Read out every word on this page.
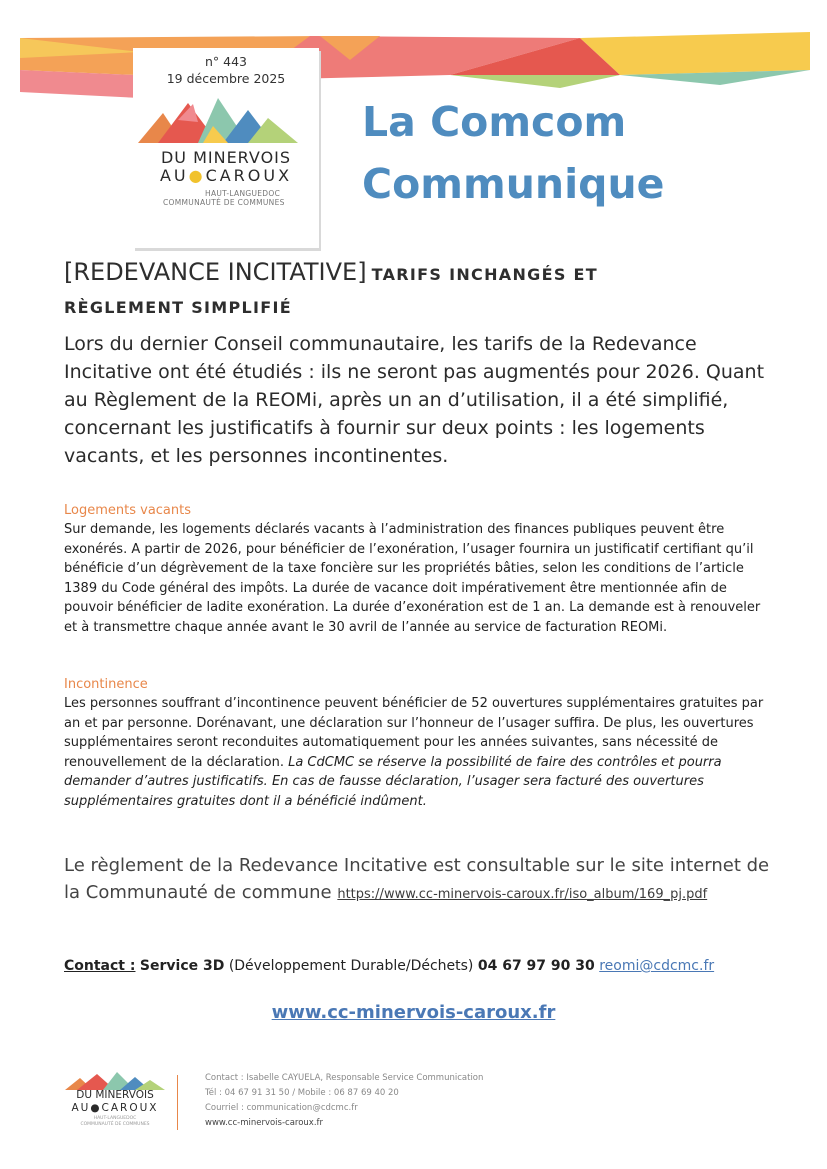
n° 443
19 décembre 2025
DU MINERVOIS
AU●CAROUX
HAUT-LANGUEDOC
COMMUNAUTÉ DE COMMUNES
La Comcom
Communique
[REDEVANCE INCITATIVE] TARIFS INCHANGÉS ET
RÈGLEMENT SIMPLIFIÉ
Lors du dernier Conseil communautaire, les tarifs de la Redevance Incitative ont été étudiés : ils ne seront pas augmentés pour 2026. Quant au Règlement de la REOMi, après un an d’utilisation, il a été simplifié, concernant les justificatifs à fournir sur deux points : les logements vacants, et les personnes incontinentes.
Logements vacants
Sur demande, les logements déclarés vacants à l’administration des finances publiques peuvent être exonérés. A partir de 2026, pour bénéficier de l’exonération, l’usager fournira un justificatif certifiant qu’il bénéficie d’un dégrèvement de la taxe foncière sur les propriétés bâties, selon les conditions de l’article 1389 du Code général des impôts. La durée de vacance doit impérativement être mentionnée afin de pouvoir bénéficier de ladite exonération. La durée d’exonération est de 1 an. La demande est à renouveler et à transmettre chaque année avant le 30 avril de l’année au service de facturation REOMi.
Incontinence
Les personnes souffrant d’incontinence peuvent bénéficier de 52 ouvertures supplémentaires gratuites par an et par personne. Dorénavant, une déclaration sur l’honneur de l’usager suffira. De plus, les ouvertures supplémentaires seront reconduites automatiquement pour les années suivantes, sans nécessité de renouvellement de la déclaration. La CdCMC se réserve la possibilité de faire des contrôles et pourra demander d’autres justificatifs. En cas de fausse déclaration, l’usager sera facturé des ouvertures supplémentaires gratuites dont il a bénéficié indûment.
Le règlement de la Redevance Incitative est consultable sur le site internet de la Communauté de commune https://www.cc-minervois-caroux.fr/iso_album/169_pj.pdf
Contact : Service 3D (Développement Durable/Déchets) 04 67 97 90 30 reomi@cdcmc.fr
www.cc-minervois-caroux.fr
DU MINERVOIS
AU●CAROUX
HAUT-LANGUEDOC
COMMUNAUTÉ DE COMMUNES
Contact : Isabelle CAYUELA, Responsable Service Communication
Tél : 04 67 91 31 50 / Mobile : 06 87 69 40 20
Courriel : communication@cdcmc.fr
www.cc-minervois-caroux.fr
